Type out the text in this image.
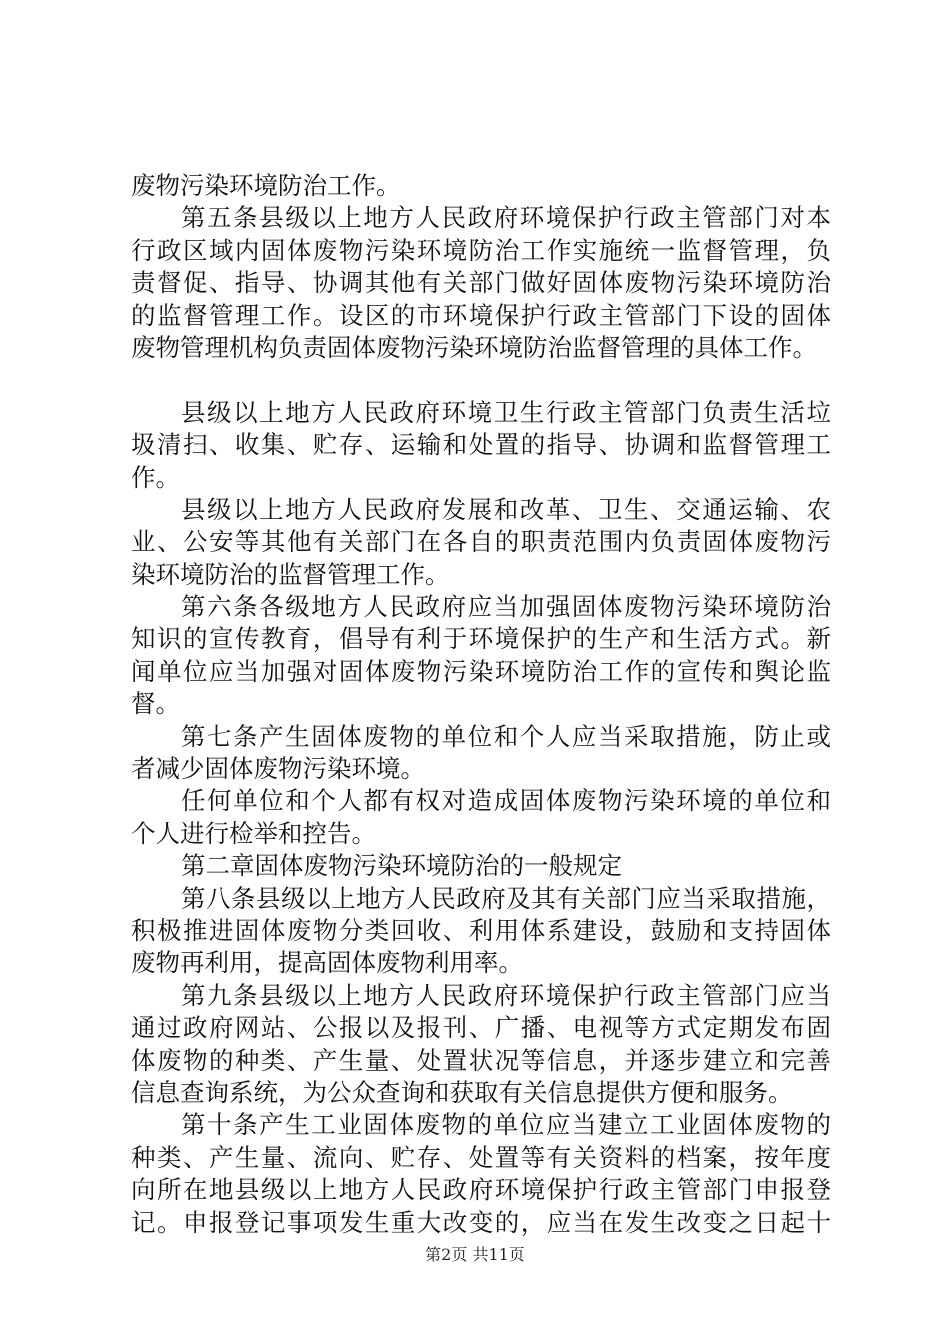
废物污染环境防治工作。
第五条县级以上地方人民政府环境保护行政主管部门对本
行政区域内固体废物污染环境防治工作实施统一监督管理，负
责督促、指导、协调其他有关部门做好固体废物污染环境防治
的监督管理工作。设区的市环境保护行政主管部门下设的固体
废物管理机构负责固体废物污染环境防治监督管理的具体工作。
县级以上地方人民政府环境卫生行政主管部门负责生活垃
圾清扫、收集、贮存、运输和处置的指导、协调和监督管理工
作。
县级以上地方人民政府发展和改革、卫生、交通运输、农
业、公安等其他有关部门在各自的职责范围内负责固体废物污
染环境防治的监督管理工作。
第六条各级地方人民政府应当加强固体废物污染环境防治
知识的宣传教育，倡导有利于环境保护的生产和生活方式。新
闻单位应当加强对固体废物污染环境防治工作的宣传和舆论监
督。
第七条产生固体废物的单位和个人应当采取措施，防止或
者减少固体废物污染环境。
任何单位和个人都有权对造成固体废物污染环境的单位和
个人进行检举和控告。
第二章固体废物污染环境防治的一般规定
第八条县级以上地方人民政府及其有关部门应当采取措施，
积极推进固体废物分类回收、利用体系建设，鼓励和支持固体
废物再利用，提高固体废物利用率。
第九条县级以上地方人民政府环境保护行政主管部门应当
通过政府网站、公报以及报刊、广播、电视等方式定期发布固
体废物的种类、产生量、处置状况等信息，并逐步建立和完善
信息查询系统，为公众查询和获取有关信息提供方便和服务。
第十条产生工业固体废物的单位应当建立工业固体废物的
种类、产生量、流向、贮存、处置等有关资料的档案，按年度
向所在地县级以上地方人民政府环境保护行政主管部门申报登
记。申报登记事项发生重大改变的，应当在发生改变之日起十
第2页 共11页
